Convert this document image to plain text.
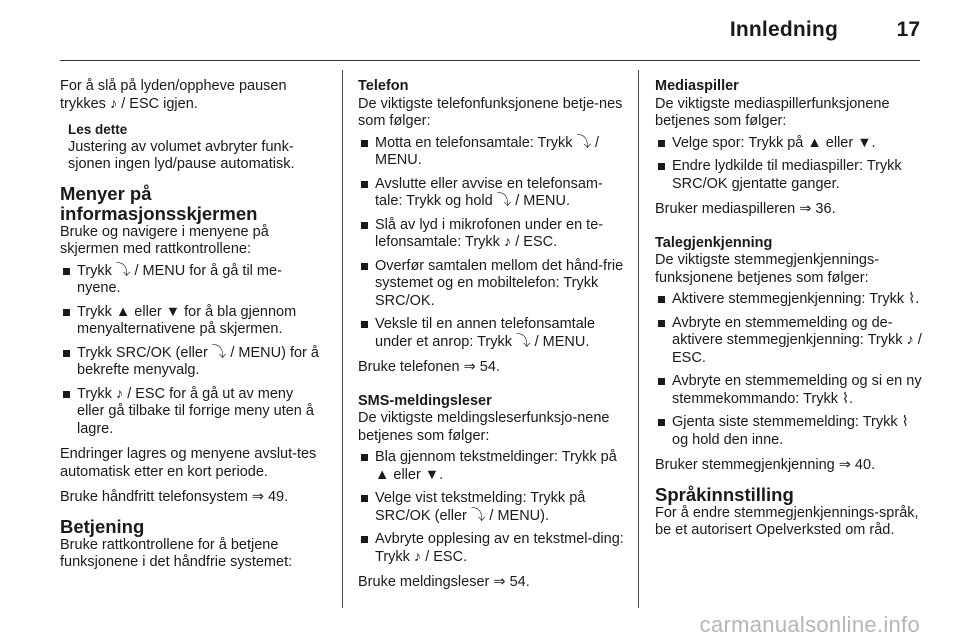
Innledning	17

For å slå på lyden/oppheve pausen trykkes ♪ / ESC igjen.

Les dette

Justering av volumet avbryter funk-sjonen ingen lyd/pause automatisk.

Menyer på informasjonsskjermen

Bruke og navigere i menyene på skjermen med rattkontrollene:

Trykk ⤵ / MENU for å gå til me-nyene.
Trykk ▲ eller ▼ for å bla gjennom menyalternativene på skjermen.
Trykk SRC/OK (eller ⤵ / MENU) for å bekrefte menyvalg.
Trykk ♪ / ESC for å gå ut av meny eller gå tilbake til forrige meny uten å lagre.

Endringer lagres og menyene avslut-tes automatisk etter en kort periode.

Bruke håndfritt telefonsystem ⇒ 49.

Betjening

Bruke rattkontrollene for å betjene funksjonene i det håndfrie systemet:

Telefon

De viktigste telefonfunksjonene betje-nes som følger:

Motta en telefonsamtale: Trykk ⤵ / MENU.
Avslutte eller avvise en telefonsam-tale: Trykk og hold ⤵ / MENU.
Slå av lyd i mikrofonen under en te-lefonsamtale: Trykk ♪ / ESC.
Overfør samtalen mellom det hånd-frie systemet og en mobiltelefon: Trykk SRC/OK.
Veksle til en annen telefonsamtale under et anrop: Trykk ⤵ / MENU.

Bruke telefonen ⇒ 54.

SMS-meldingsleser

De viktigste meldingsleserfunksjo-nene betjenes som følger:

Bla gjennom tekstmeldinger: Trykk på ▲ eller ▼.
Velge vist tekstmelding: Trykk på SRC/OK (eller ⤵ / MENU).
Avbryte opplesing av en tekstmel-ding: Trykk ♪ / ESC.

Bruke meldingsleser ⇒ 54.

Mediaspiller

De viktigste mediaspillerfunksjonene betjenes som følger:

Velge spor: Trykk på ▲ eller ▼.
Endre lydkilde til mediaspiller: Trykk SRC/OK gjentatte ganger.

Bruker mediaspilleren ⇒ 36.

Talegjenkjenning

De viktigste stemmegjenkjennings-funksjonene betjenes som følger:

Aktivere stemmegjenkjenning: Trykk ⌇.
Avbryte en stemmemelding og de-aktivere stemmegjenkjenning: Trykk ♪ / ESC.
Avbryte en stemmemelding og si en ny stemmekommando: Trykk ⌇.
Gjenta siste stemmemelding: Trykk ⌇ og hold den inne.

Bruker stemmegjenkjenning ⇒ 40.

Språkinnstilling

For å endre stemmegjenkjennings-språk, be et autorisert Opelverksted om råd.

carmanualsonline.info
